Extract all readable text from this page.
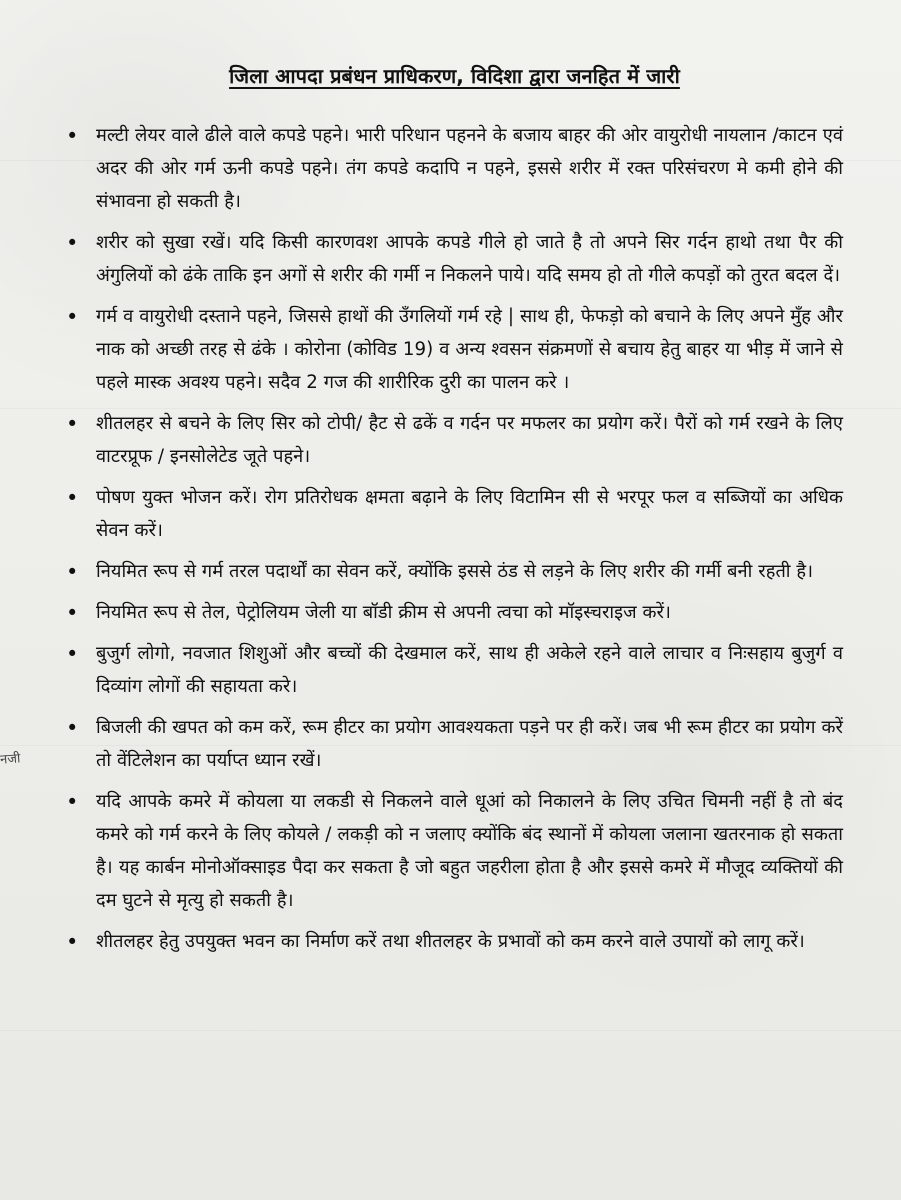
नजी
जिला आपदा प्रबंधन प्राधिकरण, विदिशा द्वारा जनहित में जारी
• मल्टी लेयर वाले ढीले वाले कपडे पहने। भारी परिधान पहनने के बजाय बाहर की ओर वायुरोधी नायलान /काटन एवं अदर की ओर गर्म ऊनी कपडे पहने। तंग कपडे कदापि न पहने, इससे शरीर में रक्त परिसंचरण मे कमी होने की संभावना हो सकती है।
• शरीर को सुखा रखें। यदि किसी कारणवश आपके कपडे गीले हो जाते है तो अपने सिर गर्दन हाथो तथा पैर की अंगुलियों को ढंके ताकि इन अगों से शरीर की गर्मी न निकलने पाये। यदि समय हो तो गीले कपड़ों को तुरत बदल दें।
• गर्म व वायुरोधी दस्ताने पहने, जिससे हाथों की उँगलियों गर्म रहे | साथ ही, फेफड़ो को बचाने के लिए अपने मुँह और नाक को अच्छी तरह से ढंके । कोरोना (कोविड 19) व अन्य श्वसन संक्रमणों से बचाय हेतु बाहर या भीड़ में जाने से पहले मास्क अवश्य पहने। सदैव 2 गज की शारीरिक दुरी का पालन करे ।
• शीतलहर से बचने के लिए सिर को टोपी/ हैट से ढकें व गर्दन पर मफलर का प्रयोग करें। पैरों को गर्म रखने के लिए वाटरप्रूफ / इनसोलेटेड जूते पहने।
• पोषण युक्त भोजन करें। रोग प्रतिरोधक क्षमता बढ़ाने के लिए विटामिन सी से भरपूर फल व सब्जियों का अधिक सेवन करें।
• नियमित रूप से गर्म तरल पदार्थों का सेवन करें, क्योंकि इससे ठंड से लड़ने के लिए शरीर की गर्मी बनी रहती है।
• नियमित रूप से तेल, पेट्रोलियम जेली या बॉडी क्रीम से अपनी त्वचा को मॉइस्चराइज करें।
• बुजुर्ग लोगो, नवजात शिशुओं और बच्चों की देखमाल करें, साथ ही अकेले रहने वाले लाचार व निःसहाय बुजुर्ग व दिव्यांग लोगों की सहायता करे।
• बिजली की खपत को कम करें, रूम हीटर का प्रयोग आवश्यकता पड़ने पर ही करें। जब भी रूम हीटर का प्रयोग करें तो वेंटिलेशन का पर्याप्त ध्यान रखें।
• यदि आपके कमरे में कोयला या लकडी से निकलने वाले धूआं को निकालने के लिए उचित चिमनी नहीं है तो बंद कमरे को गर्म करने के लिए कोयले / लकड़ी को न जलाए क्योंकि बंद स्थानों में कोयला जलाना खतरनाक हो सकता है। यह कार्बन मोनोऑक्साइड पैदा कर सकता है जो बहुत जहरीला होता है और इससे कमरे में मौजूद व्यक्तियों की दम घुटने से मृत्यु हो सकती है।
• शीतलहर हेतु उपयुक्त भवन का निर्माण करें तथा शीतलहर के प्रभावों को कम करने वाले उपायों को लागू करें।
